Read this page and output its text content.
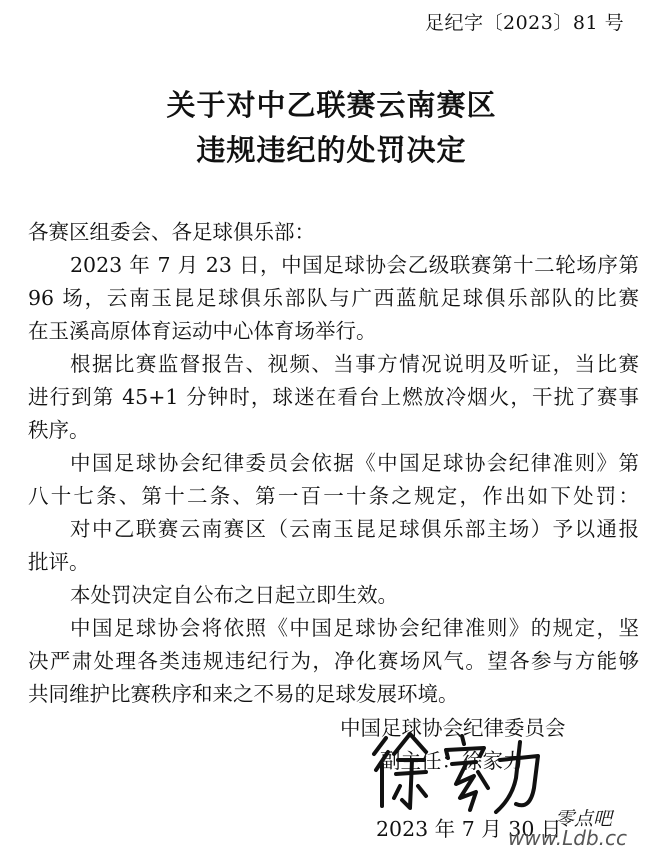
足纪字〔2023〕81 号
关于对中乙联赛云南赛区
违规违纪的处罚决定
各赛区组委会、各足球俱乐部：
2023 年 7 月 23 日，中国足球协会乙级联赛第十二轮场序第
96 场，云南玉昆足球俱乐部队与广西蓝航足球俱乐部队的比赛
在玉溪高原体育运动中心体育场举行。
根据比赛监督报告、视频、当事方情况说明及听证，当比赛
进行到第 45+1 分钟时，球迷在看台上燃放冷烟火，干扰了赛事
秩序。
中国足球协会纪律委员会依据《中国足球协会纪律准则》第
八十七条、第十二条、第一百一十条之规定，作出如下处罚：
对中乙联赛云南赛区（云南玉昆足球俱乐部主场）予以通报
批评。
本处罚决定自公布之日起立即生效。
中国足球协会将依照《中国足球协会纪律准则》的规定，坚
决严肃处理各类违规违纪行为，净化赛场风气。望各参与方能够
共同维护比赛秩序和来之不易的足球发展环境。
中国足球协会纪律委员会
副主任：徐家力
2023 年 7 月 30 日
零点吧
www.Ldb.cc
